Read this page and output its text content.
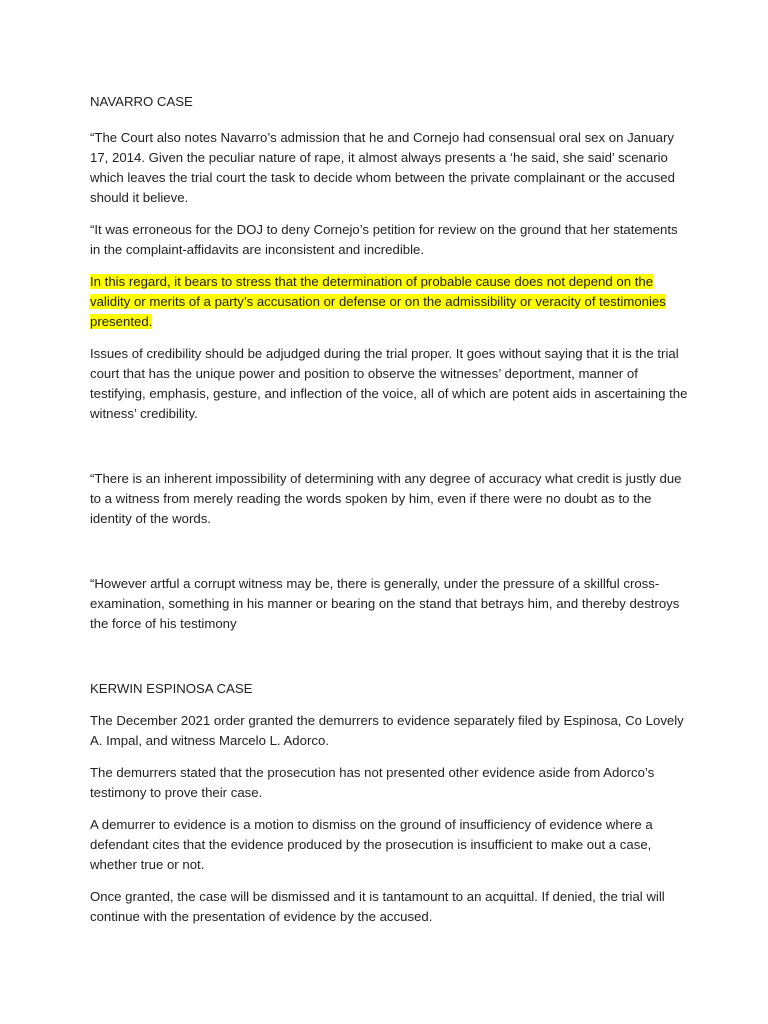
NAVARRO CASE

“The Court also notes Navarro’s admission that he and Cornejo had consensual oral sex on January 17, 2014. Given the peculiar nature of rape, it almost always presents a ‘he said, she said’ scenario which leaves the trial court the task to decide whom between the private complainant or the accused should it believe.

“It was erroneous for the DOJ to deny Cornejo’s petition for review on the ground that her statements in the complaint-affidavits are inconsistent and incredible.

In this regard, it bears to stress that the determination of probable cause does not depend on the validity or merits of a party’s accusation or defense or on the admissibility or veracity of testimonies presented.

Issues of credibility should be adjudged during the trial proper. It goes without saying that it is the trial court that has the unique power and position to observe the witnesses’ deportment, manner of testifying, emphasis, gesture, and inflection of the voice, all of which are potent aids in ascertaining the witness’ credibility.

“There is an inherent impossibility of determining with any degree of accuracy what credit is justly due to a witness from merely reading the words spoken by him, even if there were no doubt as to the identity of the words.

“However artful a corrupt witness may be, there is generally, under the pressure of a skillful cross-examination, something in his manner or bearing on the stand that betrays him, and thereby destroys the force of his testimony

KERWIN ESPINOSA CASE

The December 2021 order granted the demurrers to evidence separately filed by Espinosa, Co Lovely A. Impal, and witness Marcelo L. Adorco.

The demurrers stated that the prosecution has not presented other evidence aside from Adorco’s testimony to prove their case.

A demurrer to evidence is a motion to dismiss on the ground of insufficiency of evidence where a defendant cites that the evidence produced by the prosecution is insufficient to make out a case, whether true or not.

Once granted, the case will be dismissed and it is tantamount to an acquittal. If denied, the trial will continue with the presentation of evidence by the accused.
